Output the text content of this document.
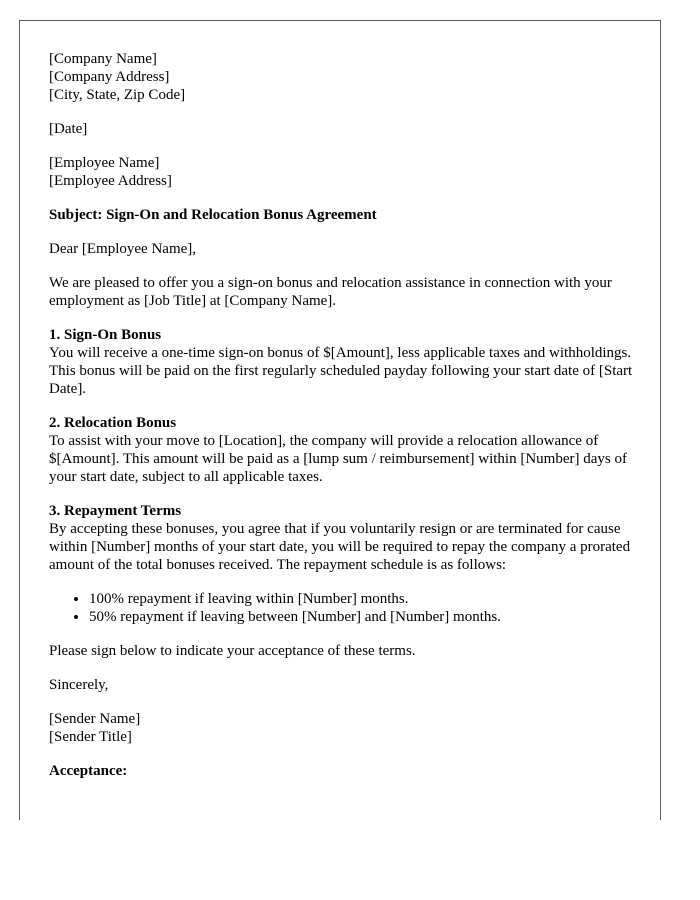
[Company Name]
[Company Address]
[City, State, Zip Code]

[Date]

[Employee Name]
[Employee Address]

Subject: Sign-On and Relocation Bonus Agreement

Dear [Employee Name],

We are pleased to offer you a sign-on bonus and relocation assistance in connection with your employment as [Job Title] at [Company Name].

1. Sign-On Bonus
You will receive a one-time sign-on bonus of $[Amount], less applicable taxes and withholdings. This bonus will be paid on the first regularly scheduled payday following your start date of [Start Date].
2. Relocation Bonus
To assist with your move to [Location], the company will provide a relocation allowance of $[Amount]. This amount will be paid as a [lump sum / reimbursement] within [Number] days of your start date, subject to all applicable taxes.
3. Repayment Terms
By accepting these bonuses, you agree that if you voluntarily resign or are terminated for cause within [Number] months of your start date, you will be required to repay the company a prorated amount of the total bonuses received. The repayment schedule is as follows:
• 100% repayment if leaving within [Number] months.
• 50% repayment if leaving between [Number] and [Number] months.

Please sign below to indicate your acceptance of these terms.

Sincerely,

[Sender Name]
[Sender Title]

Acceptance:
